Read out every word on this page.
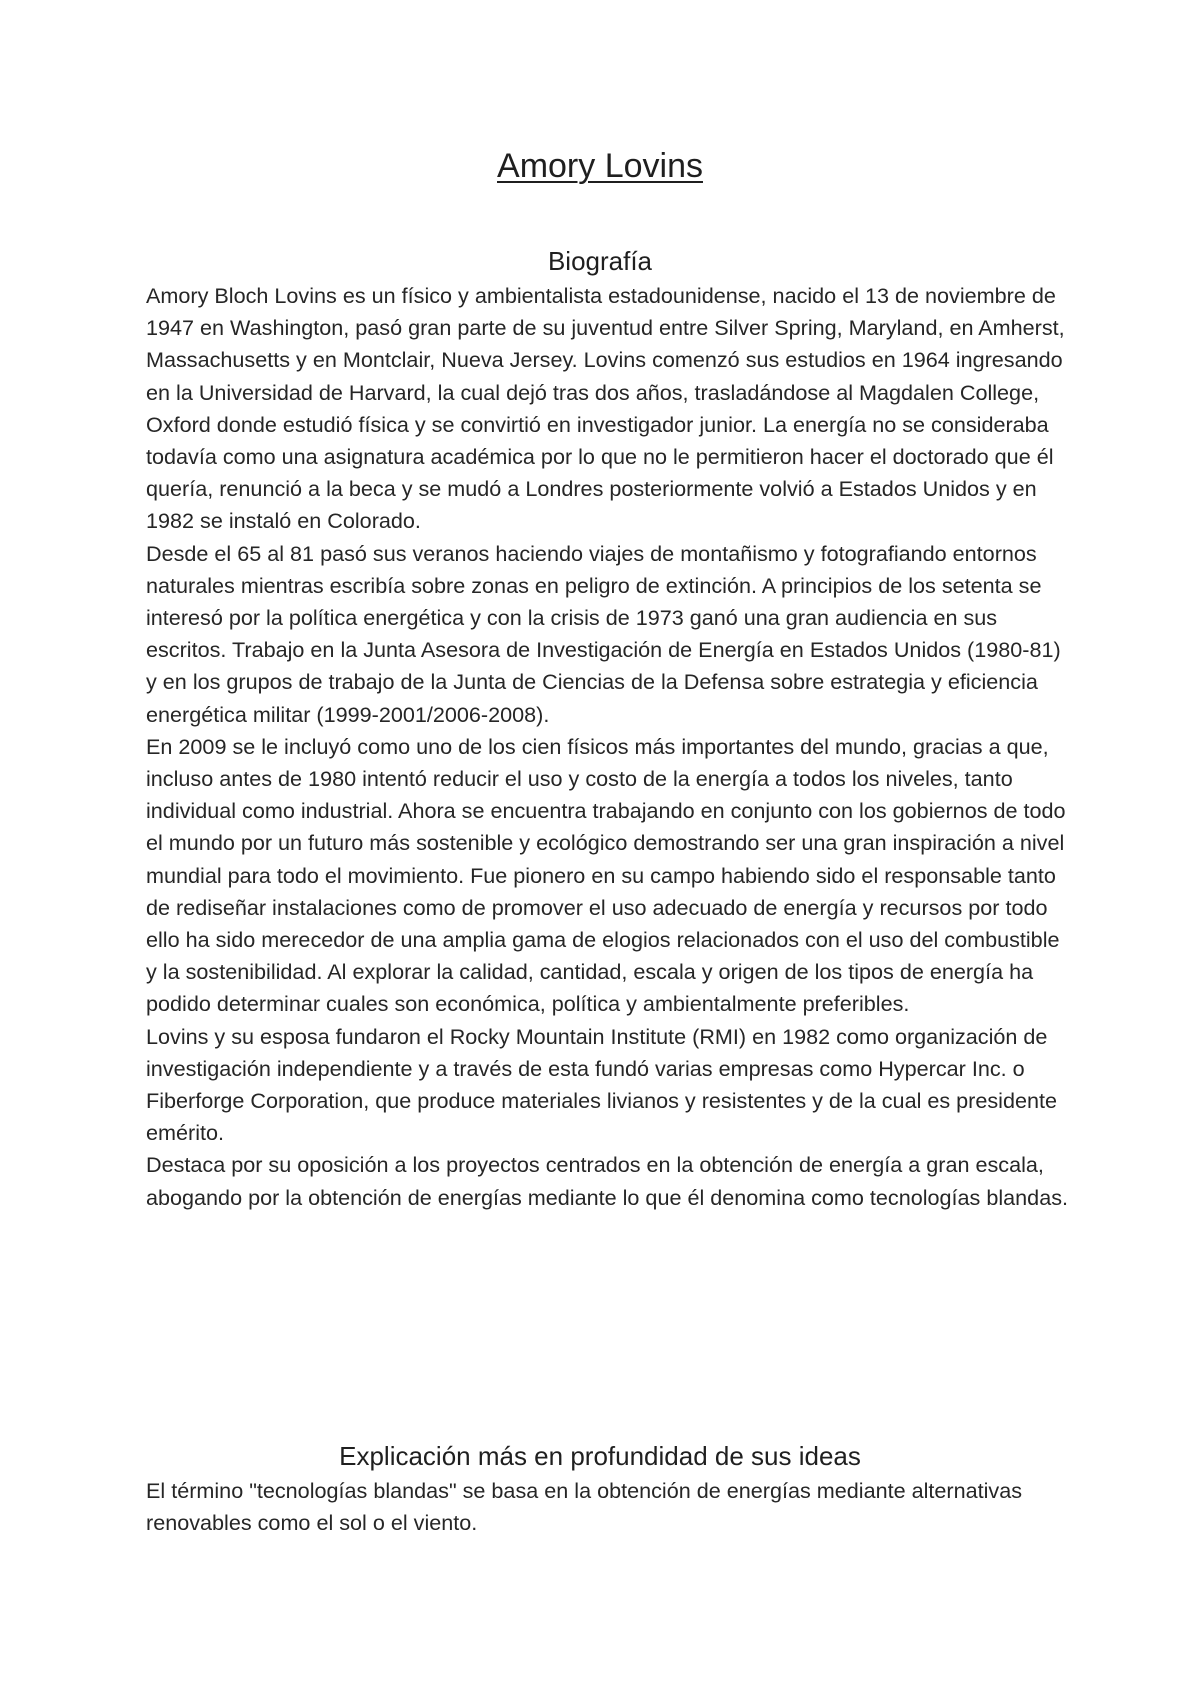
Amory Lovins
Biografía

Amory Bloch Lovins es un físico y ambientalista estadounidense, nacido el 13 de noviembre de 1947 en Washington, pasó gran parte de su juventud entre Silver Spring, Maryland, en Amherst, Massachusetts y en Montclair, Nueva Jersey. Lovins comenzó sus estudios en 1964 ingresando en la Universidad de Harvard, la cual dejó tras dos años, trasladándose al Magdalen College, Oxford donde estudió física y se convirtió en investigador junior. La energía no se consideraba todavía como una asignatura académica por lo que no le permitieron hacer el doctorado que él quería, renunció a la beca y se mudó a Londres posteriormente volvió a Estados Unidos y en 1982 se instaló en Colorado.

Desde el 65 al 81 pasó sus veranos haciendo viajes de montañismo y fotografiando entornos naturales mientras escribía sobre zonas en peligro de extinción. A principios de los setenta se interesó por la política energética y con la crisis de 1973 ganó una gran audiencia en sus escritos. Trabajo en la Junta Asesora de Investigación de Energía en Estados Unidos (1980-81) y en los grupos de trabajo de la Junta de Ciencias de la Defensa sobre estrategia y eficiencia energética militar (1999-2001/2006-2008).

En 2009 se le incluyó como uno de los cien físicos más importantes del mundo, gracias a que, incluso antes de 1980 intentó reducir el uso y costo de la energía a todos los niveles, tanto individual como industrial. Ahora se encuentra trabajando en conjunto con los gobiernos de todo el mundo por un futuro más sostenible y ecológico demostrando ser una gran inspiración a nivel mundial para todo el movimiento. Fue pionero en su campo habiendo sido el responsable tanto de rediseñar instalaciones como de promover el uso adecuado de energía y recursos por todo ello ha sido merecedor de una amplia gama de elogios relacionados con el uso del combustible y la sostenibilidad. Al explorar la calidad, cantidad, escala y origen de los tipos de energía ha podido determinar cuales son económica, política y ambientalmente preferibles.

Lovins y su esposa fundaron el Rocky Mountain Institute (RMI) en 1982 como organización de investigación independiente y a través de esta fundó varias empresas como Hypercar Inc. o Fiberforge Corporation, que produce materiales livianos y resistentes y de la cual es presidente emérito.

Destaca por su oposición a los proyectos centrados en la obtención de energía a gran escala, abogando por la obtención de energías mediante lo que él denomina como tecnologías blandas.

Explicación más en profundidad de sus ideas

El término "tecnologías blandas" se basa en la obtención de energías mediante alternativas renovables como el sol o el viento.
